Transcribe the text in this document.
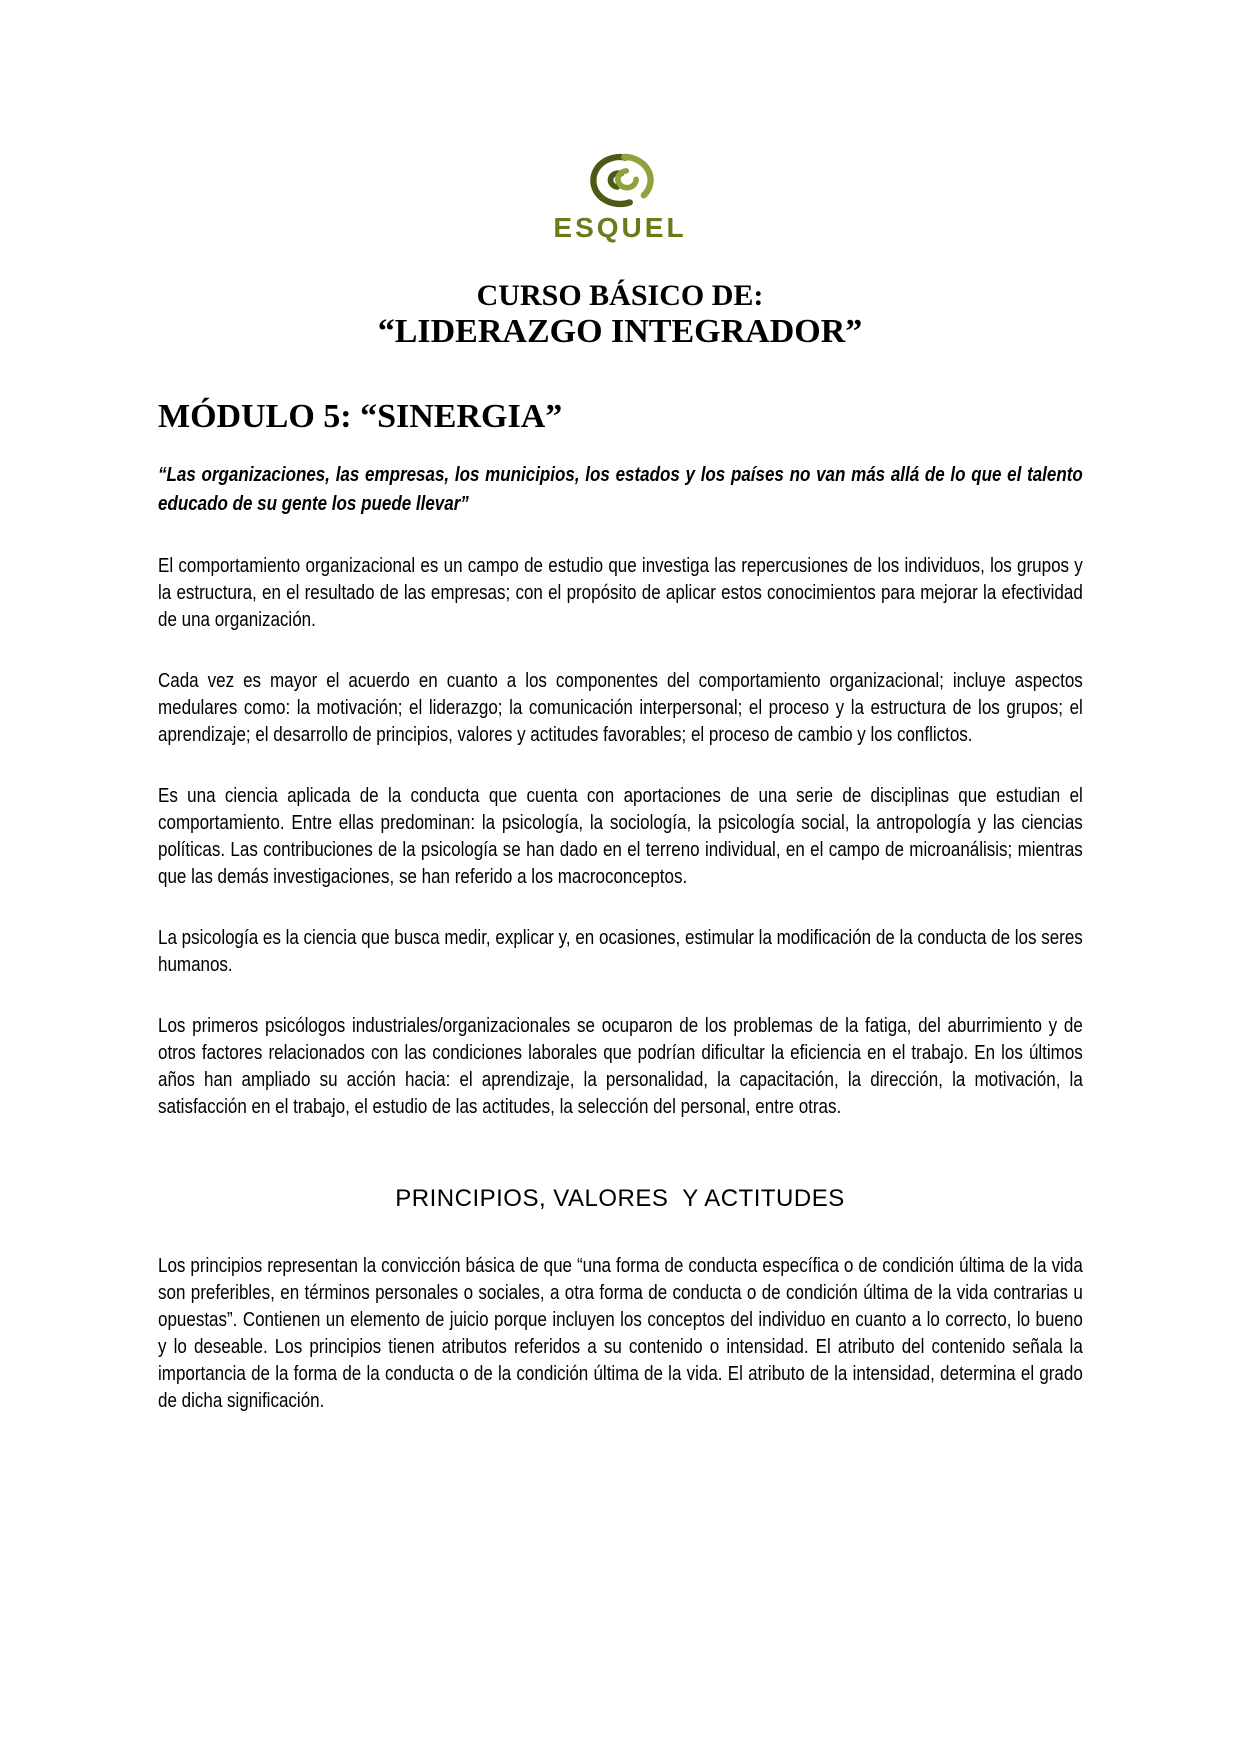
ESQUEL
CURSO BÁSICO DE:
“LIDERAZGO INTEGRADOR”
MÓDULO 5: “SINERGIA”

“Las organizaciones, las empresas, los municipios, los estados y los países no van más allá de lo que el talento educado de su gente los puede llevar”

El comportamiento organizacional es un campo de estudio que investiga las repercusiones de los individuos, los grupos y la estructura, en el resultado de las empresas; con el propósito de aplicar estos conocimientos para mejorar la efectividad de una organización.

Cada vez es mayor el acuerdo en cuanto a los componentes del comportamiento organizacional; incluye aspectos medulares como: la motivación; el liderazgo; la comunicación interpersonal; el proceso y la estructura de los grupos; el aprendizaje; el desarrollo de principios, valores y actitudes favorables; el proceso de cambio y los conflictos.

Es una ciencia aplicada de la conducta que cuenta con aportaciones de una serie de disciplinas que estudian el comportamiento. Entre ellas predominan: la psicología, la sociología, la psicología social, la antropología y las ciencias políticas. Las contribuciones de la psicología se han dado en el terreno individual, en el campo de microanálisis; mientras que las demás investigaciones, se han referido a los macroconceptos.

La psicología es la ciencia que busca medir, explicar y, en ocasiones, estimular la modificación de la conducta de los seres humanos.

Los primeros psicólogos industriales/organizacionales se ocuparon de los problemas de la fatiga, del aburrimiento y de otros factores relacionados con las condiciones laborales que podrían dificultar la eficiencia en el trabajo. En los últimos años han ampliado su acción hacia: el aprendizaje, la personalidad, la capacitación, la dirección, la motivación, la satisfacción en el trabajo, el estudio de las actitudes, la selección del personal, entre otras.

PRINCIPIOS, VALORES  Y ACTITUDES

Los principios representan la convicción básica de que “una forma de conducta específica o de condición última de la vida son preferibles, en términos personales o sociales, a otra forma de conducta o de condición última de la vida contrarias u opuestas”. Contienen un elemento de juicio porque incluyen los conceptos del individuo en cuanto a lo correcto, lo bueno y lo deseable. Los principios tienen atributos referidos a su contenido o intensidad. El atributo del contenido señala la importancia de la forma de la conducta o de la condición última de la vida. El atributo de la intensidad, determina el grado de dicha significación.
